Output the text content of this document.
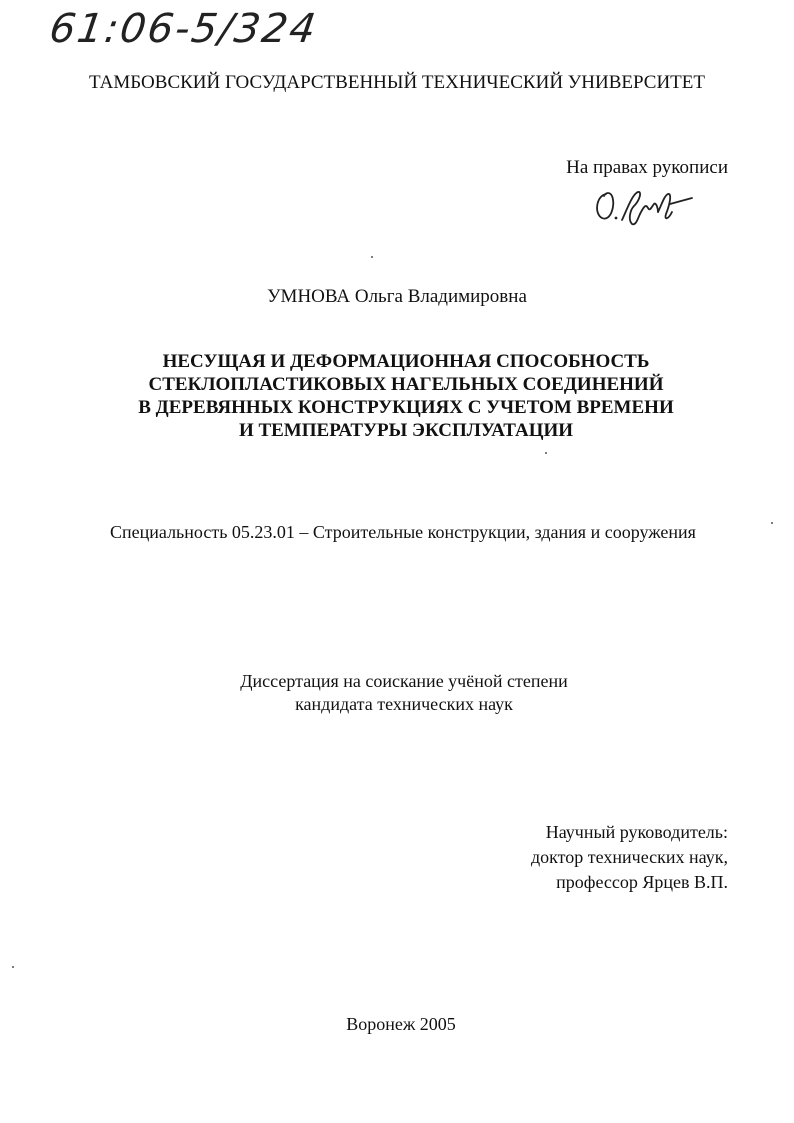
61:06-5/324
ТАМБОВСКИЙ ГОСУДАРСТВЕННЫЙ ТЕХНИЧЕСКИЙ УНИВЕРСИТЕТ
На правах рукописи
УМНОВА Ольга Владимировна
НЕСУЩАЯ И ДЕФОРМАЦИОННАЯ СПОСОБНОСТЬ
СТЕКЛОПЛАСТИКОВЫХ НАГЕЛЬНЫХ СОЕДИНЕНИЙ
В ДЕРЕВЯННЫХ КОНСТРУКЦИЯХ С УЧЕТОМ ВРЕМЕНИ
И ТЕМПЕРАТУРЫ ЭКСПЛУАТАЦИИ
Специальность 05.23.01 – Строительные конструкции, здания и сооружения
Диссертация на соискание учёной степени
кандидата технических наук
Научный руководитель:
доктор технических наук,
профессор Ярцев В.П.
Воронеж 2005
